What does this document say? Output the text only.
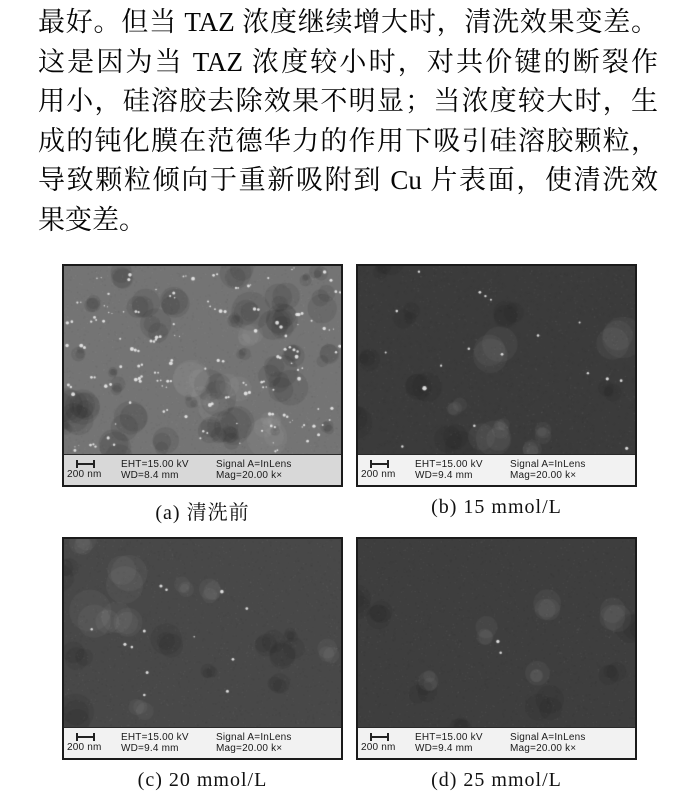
最好。但当 TAZ 浓度继续增大时，清洗效果变差。
这是因为当 TAZ 浓度较小时，对共价键的断裂作
用小，硅溶胶去除效果不明显；当浓度较大时，生
成的钝化膜在范德华力的作用下吸引硅溶胶颗粒，
导致颗粒倾向于重新吸附到 Cu 片表面，使清洗效
果变差。
200 nm
EHT=15.00 kV
WD=8.4 mm
Signal A=InLens
Mag=20.00 k×
(a) 清洗前
200 nm
EHT=15.00 kV
WD=9.4 mm
Signal A=InLens
Mag=20.00 k×
(b) 15 mmol/L
200 nm
EHT=15.00 kV
WD=9.4 mm
Signal A=InLens
Mag=20.00 k×
(c) 20 mmol/L
200 nm
EHT=15.00 kV
WD=9.4 mm
Signal A=InLens
Mag=20.00 k×
(d) 25 mmol/L
